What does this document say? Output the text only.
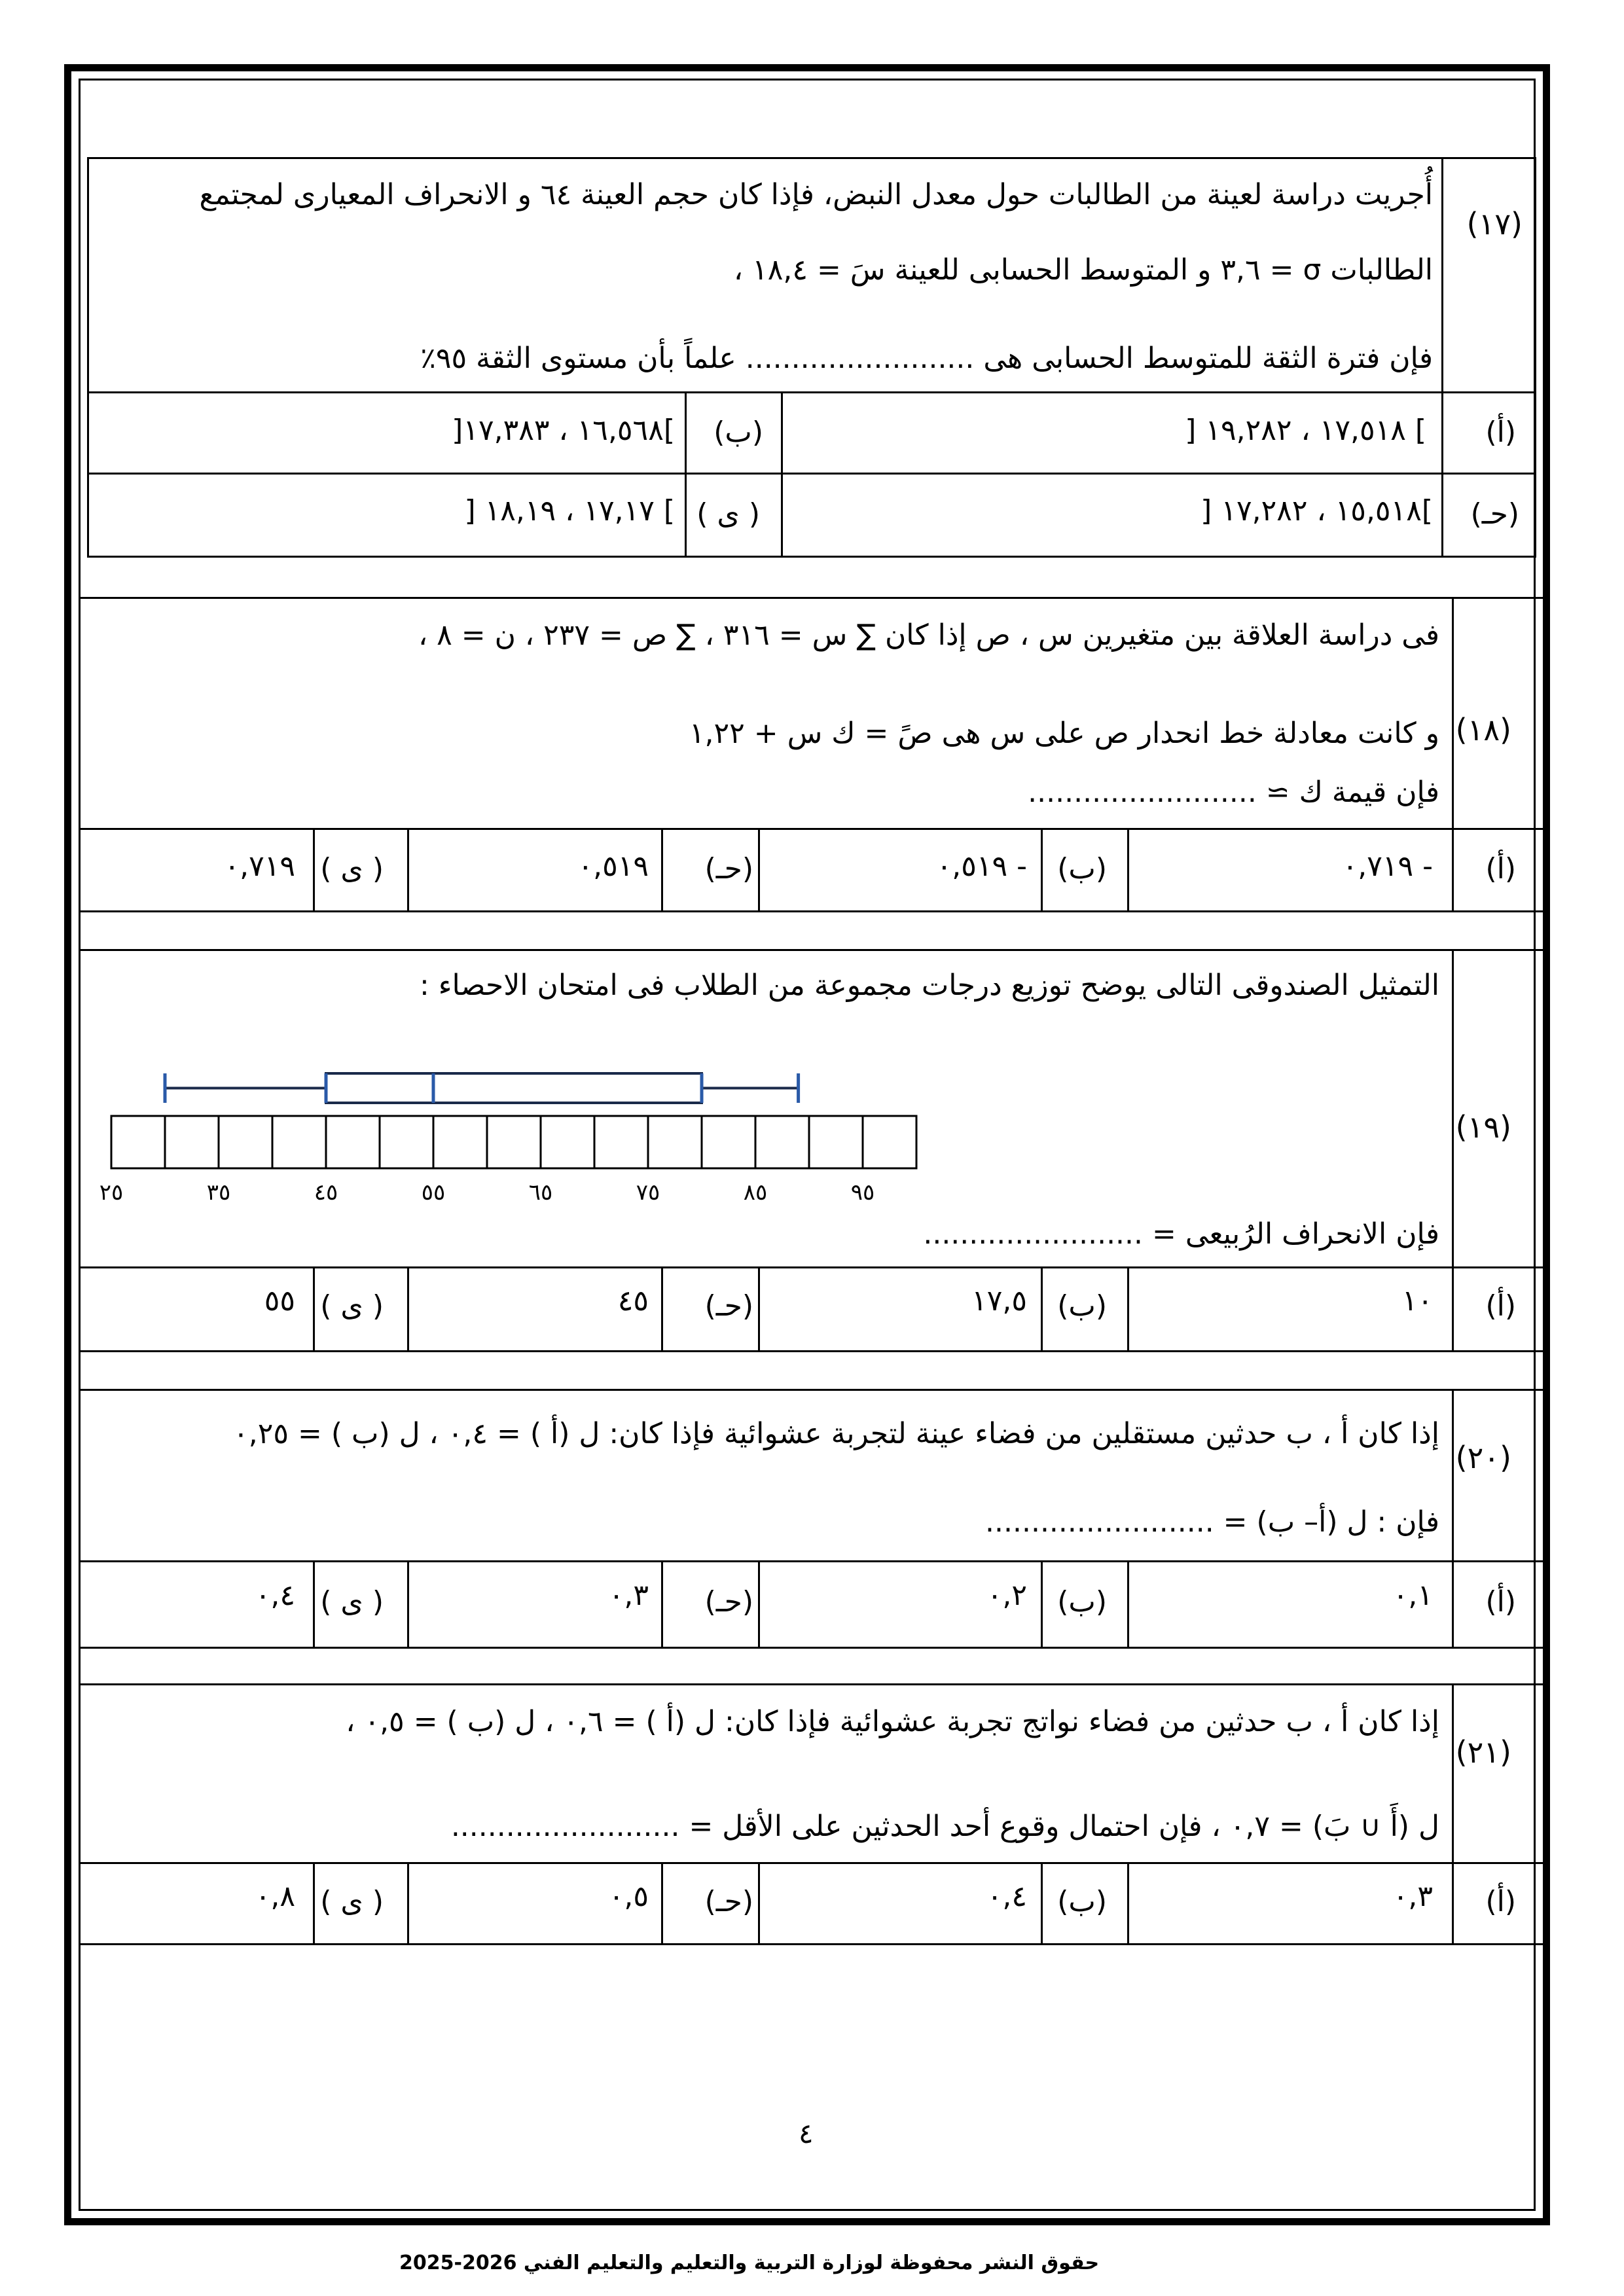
(١٧)
أُجريت دراسة لعينة من الطالبات حول معدل النبض، فإذا كان حجم العينة ٦٤ و الانحراف المعيارى لمجتمع
الطالبات σ = ٣,٦ و المتوسط الحسابى للعينة سَ = ١٨,٤ ،
فإن فترة الثقة للمتوسط الحسابى هى ......................... علماً بأن مستوى الثقة ٩٥٪
(أ)
] ١٧,٥١٨ ، ١٩,٢٨٢ [
(ب)
]١٦,٥٦٨ ، ١٧,٣٨٣[
(حـ)
]١٥,٥١٨ ، ١٧,٢٨٢ [
( ى )
] ١٧,١٧ ، ١٨,١٩ [
(١٨)
فى دراسة العلاقة بين متغيرين س ، ص إذا كان ∑ س = ٣١٦ ، ∑ ص = ٢٣٧ ، ن = ٨ ،
و كانت معادلة خط انحدار ص على س هى صً = ك س + ١,٢٢
فإن قيمة ك ≃ .........................
(أ)
- ٠,٧١٩
(ب)
- ٠,٥١٩
(حـ)
٠,٥١٩
( ى )
٠,٧١٩
(١٩)
التمثيل الصندوقى التالى يوضح توزيع درجات مجموعة من الطلاب فى امتحان الاحصاء :
٢٥	٣٥	٤٥	٥٥	٦٥	٧٥	٨٥	٩٥
فإن الانحراف الرُبيعى = ........................
(أ)
١٠
(ب)
١٧,٥
(حـ)
٤٥
( ى )
٥٥
(٢٠)
إذا كان أ ، ب حدثين مستقلين من فضاء عينة لتجربة عشوائية فإذا كان: ل (أ ) = ٠,٤ ، ل (ب ) = ٠,٢٥
فإن : ل (أ– ب) = .........................
(أ)
٠,١
(ب)
٠,٢
(حـ)
٠,٣
( ى )
٠,٤
(٢١)
إذا كان أ ، ب حدثين من فضاء نواتج تجربة عشوائية فإذا كان: ل (أ ) = ٠,٦ ، ل (ب ) = ٠,٥ ،
ل (أَ ∪ بَ) = ٠,٧ ، فإن احتمال وقوع أحد الحدثين على الأقل = .........................
(أ)
٠,٣
(ب)
٠,٤
(حـ)
٠,٥
( ى )
٠,٨
٤
حقوق النشر محفوظة لوزارة التربية والتعليم والتعليم الفني 2026-2025
